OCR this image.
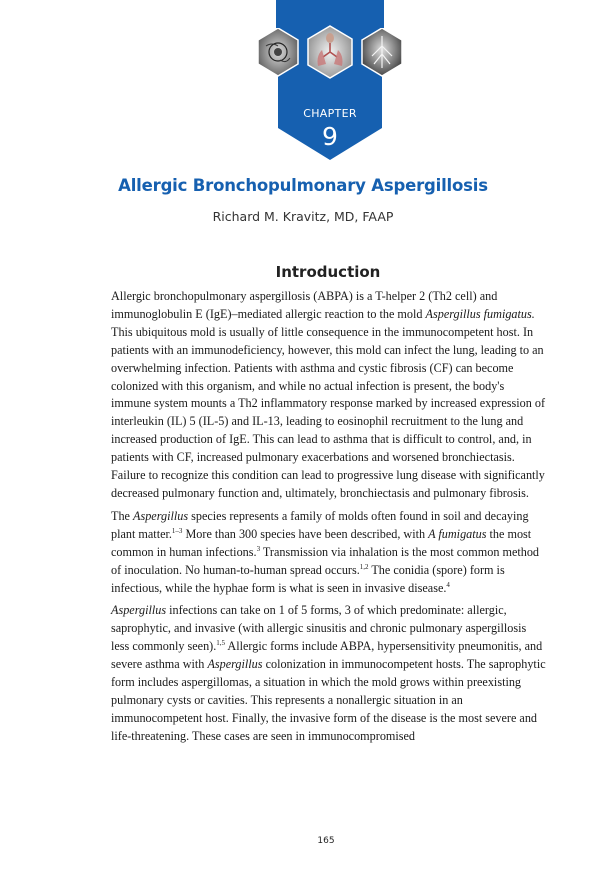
CHAPTER
9
Allergic Bronchopulmonary Aspergillosis
Richard M. Kravitz, MD, FAAP
Introduction

Allergic bronchopulmonary aspergillosis (ABPA) is a T-helper 2 (Th2 cell) and immunoglobulin E (IgE)–mediated allergic reaction to the mold Aspergillus fumigatus. This ubiquitous mold is usually of little consequence in the immunocompetent host. In patients with an immunodeficiency, however, this mold can infect the lung, leading to an overwhelming infection. Patients with asthma and cystic fibrosis (CF) can become colonized with this organism, and while no actual infection is present, the body's immune system mounts a Th2 inflammatory response marked by increased expression of interleukin (IL) 5 (IL-5) and IL-13, leading to eosinophil recruitment to the lung and increased production of IgE. This can lead to asthma that is difficult to control, and, in patients with CF, increased pulmonary exacerbations and worsened bronchiectasis. Failure to recognize this condition can lead to progressive lung disease with significantly decreased pulmonary function and, ultimately, bronchiectasis and pulmonary fibrosis.

The Aspergillus species represents a family of molds often found in soil and decaying plant matter.$^{1-3}$ More than 300 species have been described, with A fumigatus the most common in human infections.$^3$ Transmission via inhalation is the most common method of inoculation. No human-to-human spread occurs.$^{1,2}$ The conidia (spore) form is infectious, while the hyphae form is what is seen in invasive disease.$^4$

Aspergillus infections can take on 1 of 5 forms, 3 of which predominate: allergic, saprophytic, and invasive (with allergic sinusitis and chronic pulmonary aspergillosis less commonly seen).$^{1,5}$ Allergic forms include ABPA, hypersensitivity pneumonitis, and severe asthma with Aspergillus colonization in immunocompetent hosts. The saprophytic form includes aspergillomas, a situation in which the mold grows within preexisting pulmonary cysts or cavities. This represents a nonallergic situation in an immunocompetent host. Finally, the invasive form of the disease is the most severe and life-threatening. These cases are seen in immunocompromised

165
